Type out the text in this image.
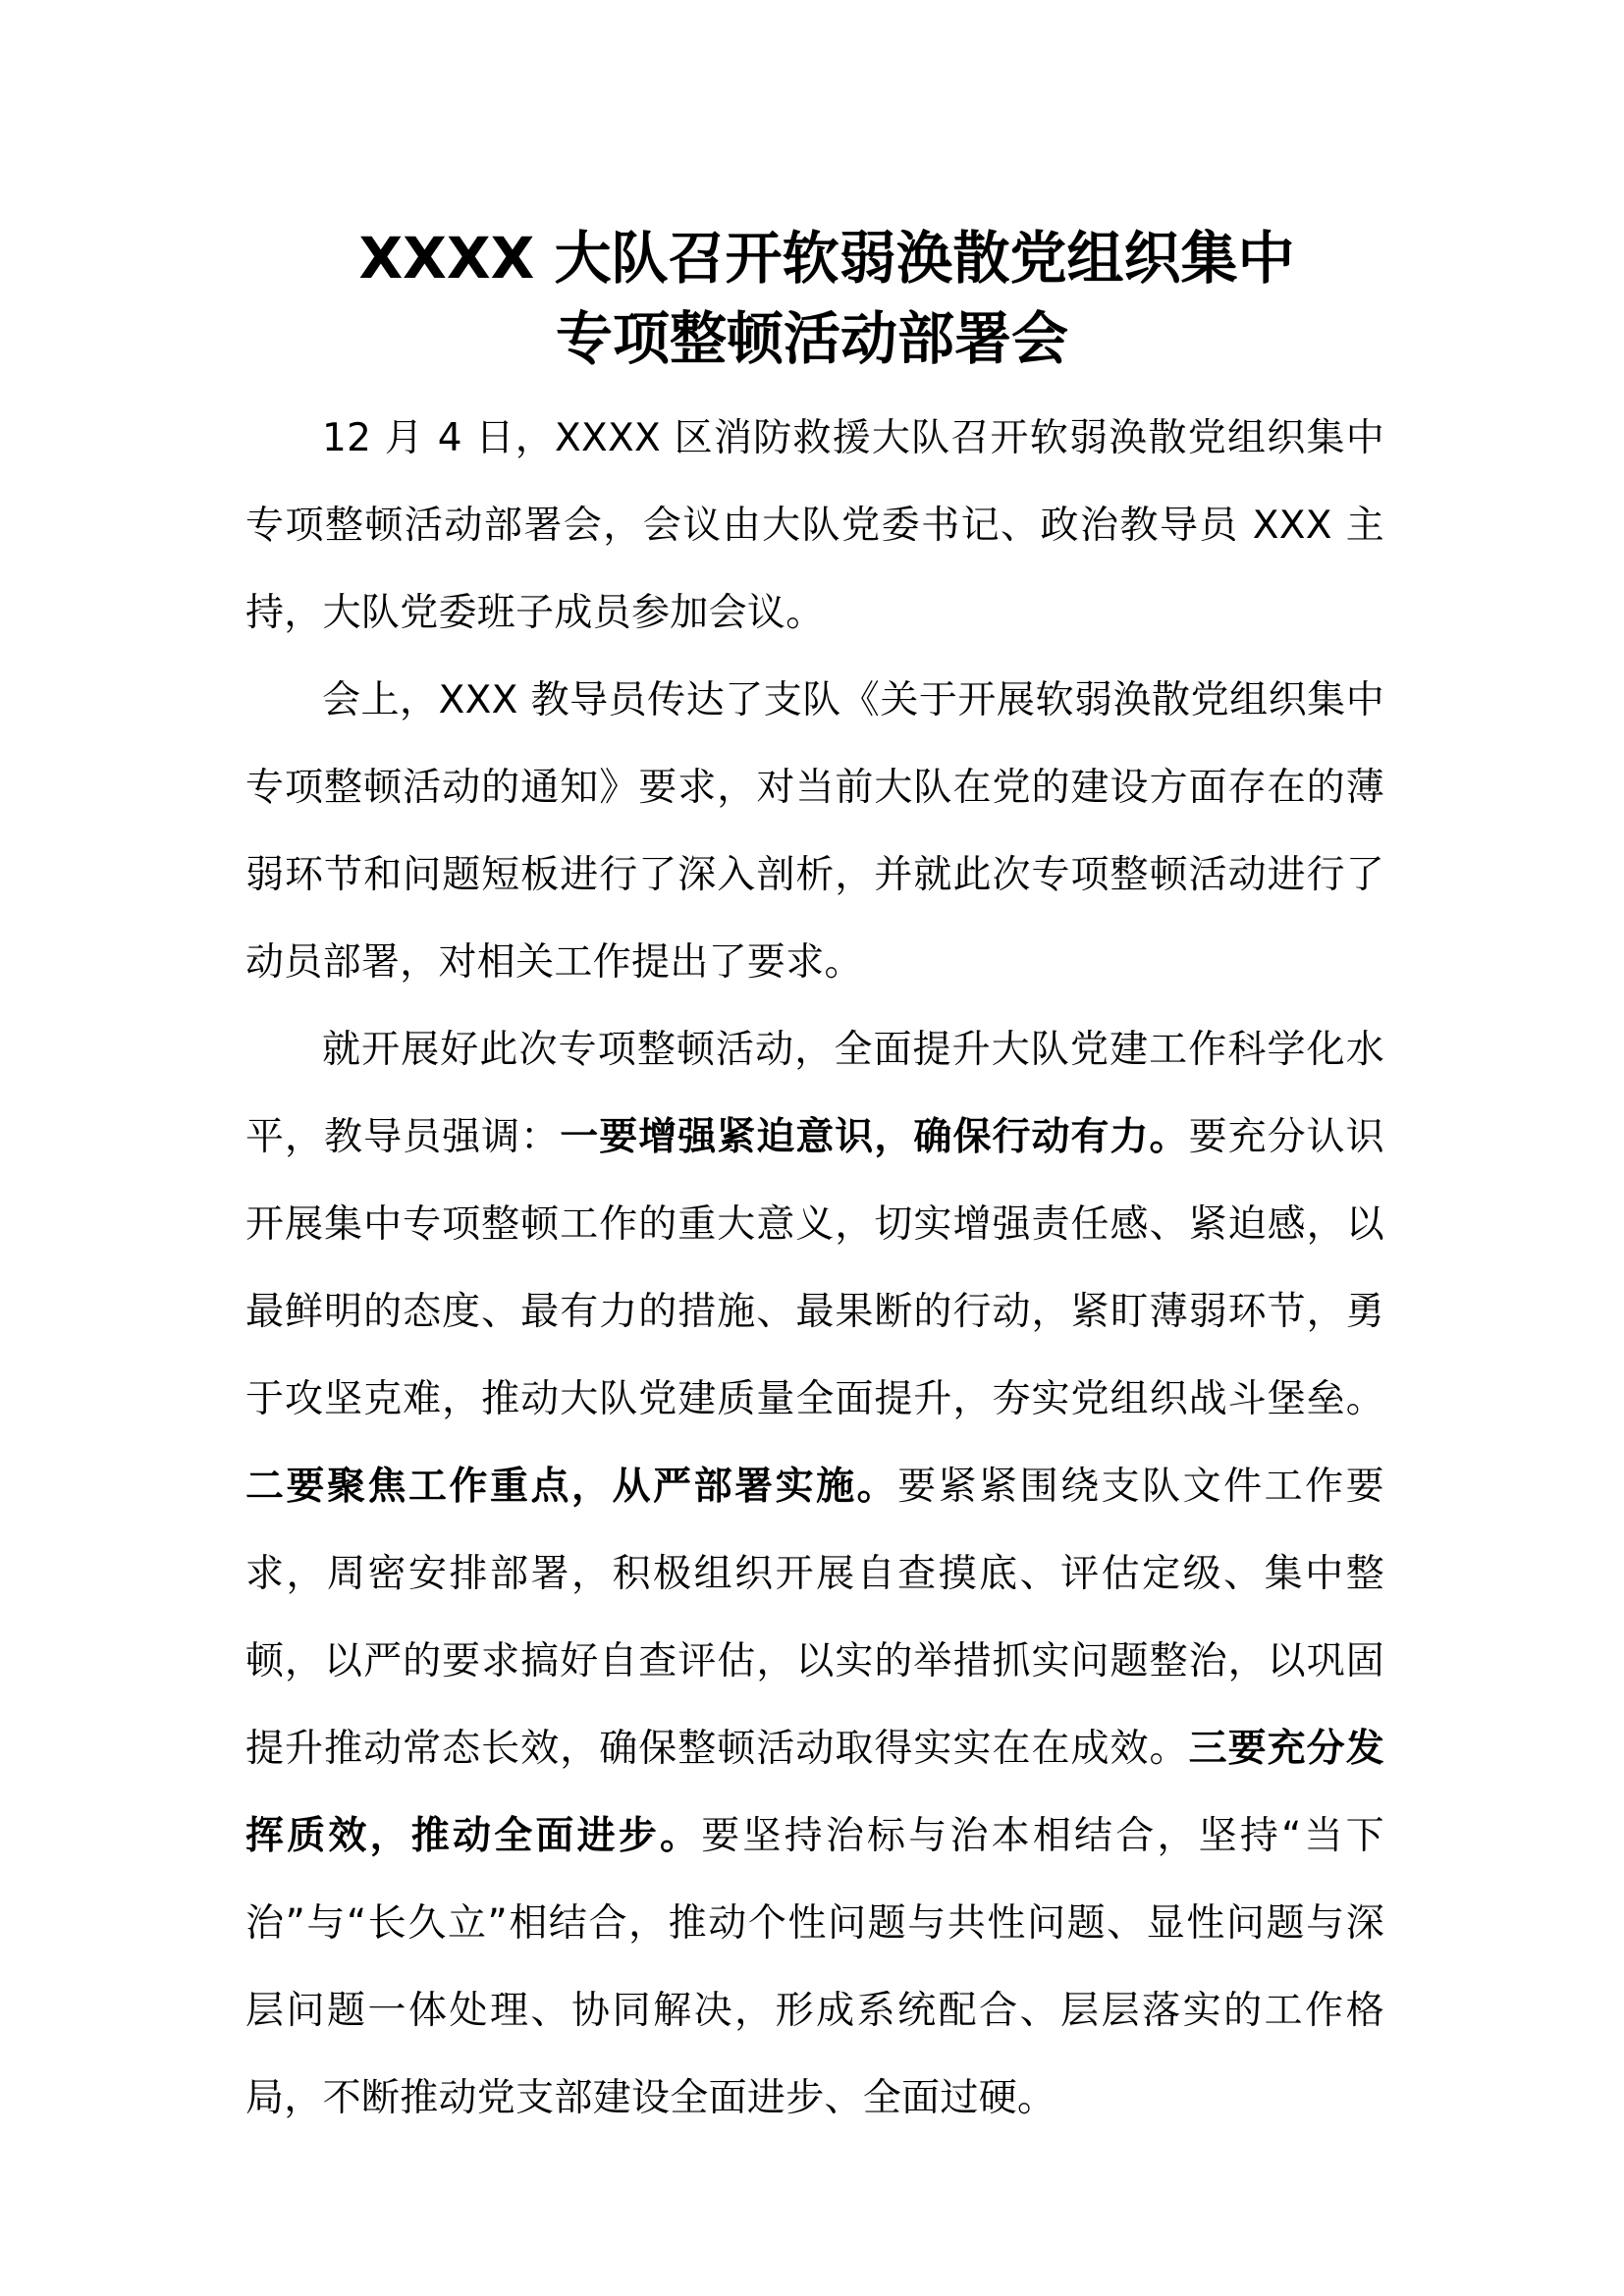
XXXX 大队召开软弱涣散党组织集中
专项整顿活动部署会

12 月 4 日，XXXX 区消防救援大队召开软弱涣散党组织集中专项整顿活动部署会，会议由大队党委书记、政治教导员 XXX 主持，大队党委班子成员参加会议。

会上，XXX 教导员传达了支队《关于开展软弱涣散党组织集中专项整顿活动的通知》要求，对当前大队在党的建设方面存在的薄弱环节和问题短板进行了深入剖析，并就此次专项整顿活动进行了动员部署，对相关工作提出了要求。

就开展好此次专项整顿活动，全面提升大队党建工作科学化水平，教导员强调：一要增强紧迫意识，确保行动有力。要充分认识开展集中专项整顿工作的重大意义，切实增强责任感、紧迫感，以最鲜明的态度、最有力的措施、最果断的行动，紧盯薄弱环节，勇于攻坚克难，推动大队党建质量全面提升，夯实党组织战斗堡垒。二要聚焦工作重点，从严部署实施。要紧紧围绕支队文件工作要求，周密安排部署，积极组织开展自查摸底、评估定级、集中整顿，以严的要求搞好自查评估，以实的举措抓实问题整治，以巩固提升推动常态长效，确保整顿活动取得实实在在成效。三要充分发挥质效，推动全面进步。要坚持治标与治本相结合，坚持“当下治”与“长久立”相结合，推动个性问题与共性问题、显性问题与深层问题一体处理、协同解决，形成系统配合、层层落实的工作格局，不断推动党支部建设全面进步、全面过硬。
